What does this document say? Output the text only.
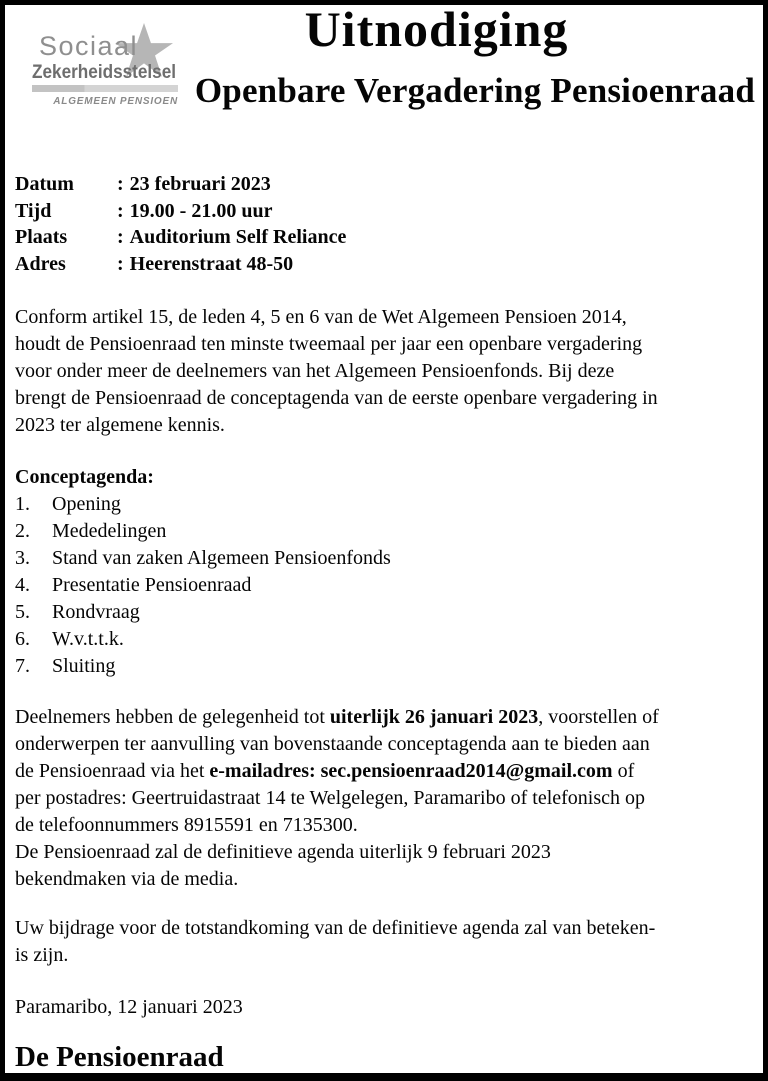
Sociaal
Zekerheidsstelsel
ALGEMEEN PENSIOEN
Uitnodiging
Openbare Vergadering Pensioenraad
Datum	: 23 februari 2023
Tijd	: 19.00 - 21.00 uur
Plaats	: Auditorium Self Reliance
Adres	: Heerenstraat 48-50
Conform artikel 15, de leden 4, 5 en 6 van de Wet Algemeen Pensioen 2014,
houdt de Pensioenraad ten minste tweemaal per jaar een openbare vergadering
voor onder meer de deelnemers van het Algemeen Pensioenfonds. Bij deze
brengt de Pensioenraad de conceptagenda van de eerste openbare vergadering in
2023 ter algemene kennis.
Conceptagenda:
1.	Opening
2.	Mededelingen
3.	Stand van zaken Algemeen Pensioenfonds
4.	Presentatie Pensioenraad
5.	Rondvraag
6.	W.v.t.t.k.
7.	Sluiting
Deelnemers hebben de gelegenheid tot uiterlijk 26 januari 2023, voorstellen of
onderwerpen ter aanvulling van bovenstaande conceptagenda aan te bieden aan
de Pensioenraad via het e-mailadres: sec.pensioenraad2014@gmail.com of
per postadres: Geertruidastraat 14 te Welgelegen, Paramaribo of telefonisch op
de telefoonnummers 8915591 en 7135300.
De Pensioenraad zal de definitieve agenda uiterlijk 9 februari 2023
bekendmaken via de media.
Uw bijdrage voor de totstandkoming van de definitieve agenda zal van beteken-
is zijn.
Paramaribo, 12 januari 2023
De Pensioenraad
